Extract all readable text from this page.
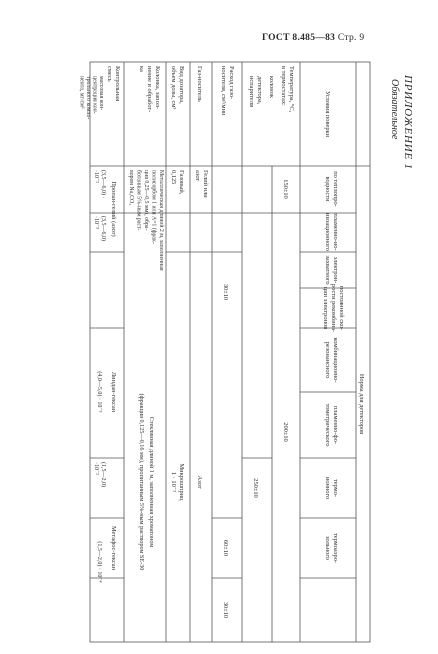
ГОСТ 8.485—83 Стр. 9
ПРИЛОЖЕНИЕ 1
Обязательное
Условия поверки
Норма для детекторов
по теплопро-водности
пламенно-ио-низационного
электрон-захватного
постоянной ско-рости рекомбина-ции электронов
комбинационно-резонансного
пламенно-фо-тометрического
термо-ионного
термоаэро-зольного
Температура, °С,в термостатах:
колонок
детектора,испарителя
150±10
200±10
250±10
Расход газо-носителя, см³/мин
30±10
60±10
30±10
Газ-носитель
Гелий илиазот
Азот
Вид дозатора,объем дозы, см³
Газовый,0,125
Микрошприц1 · 10⁻³
Колонка, запол-нение и обработ-ка
Металлическая длиной 2 м, заполненнаяполисорбом 1 или А=1 (фрак-ция 0,25—0,5 мм), обра-ботанным 5%-ным раст-вором Na₂CO₃
Стеклянная длиной 1 м, заполненная хроматоном(фракция 0,125—0,16 мм), пропитанным 5%-ным раствором SE-30
Контрольнаясмесь
массовая кон-центрация кон-трольного компо-нента, мг/см³
Пропан-гелий (азот)
Линдан-гексан
Метафос-гексан
(3,5—6,0) ··10⁻²
(3,5—6,0)·10⁻³
(4,0—5,0) · 10⁻⁵
(1,5—2,0)·10⁻²
(1,5—2,0) · 10⁻⁴
